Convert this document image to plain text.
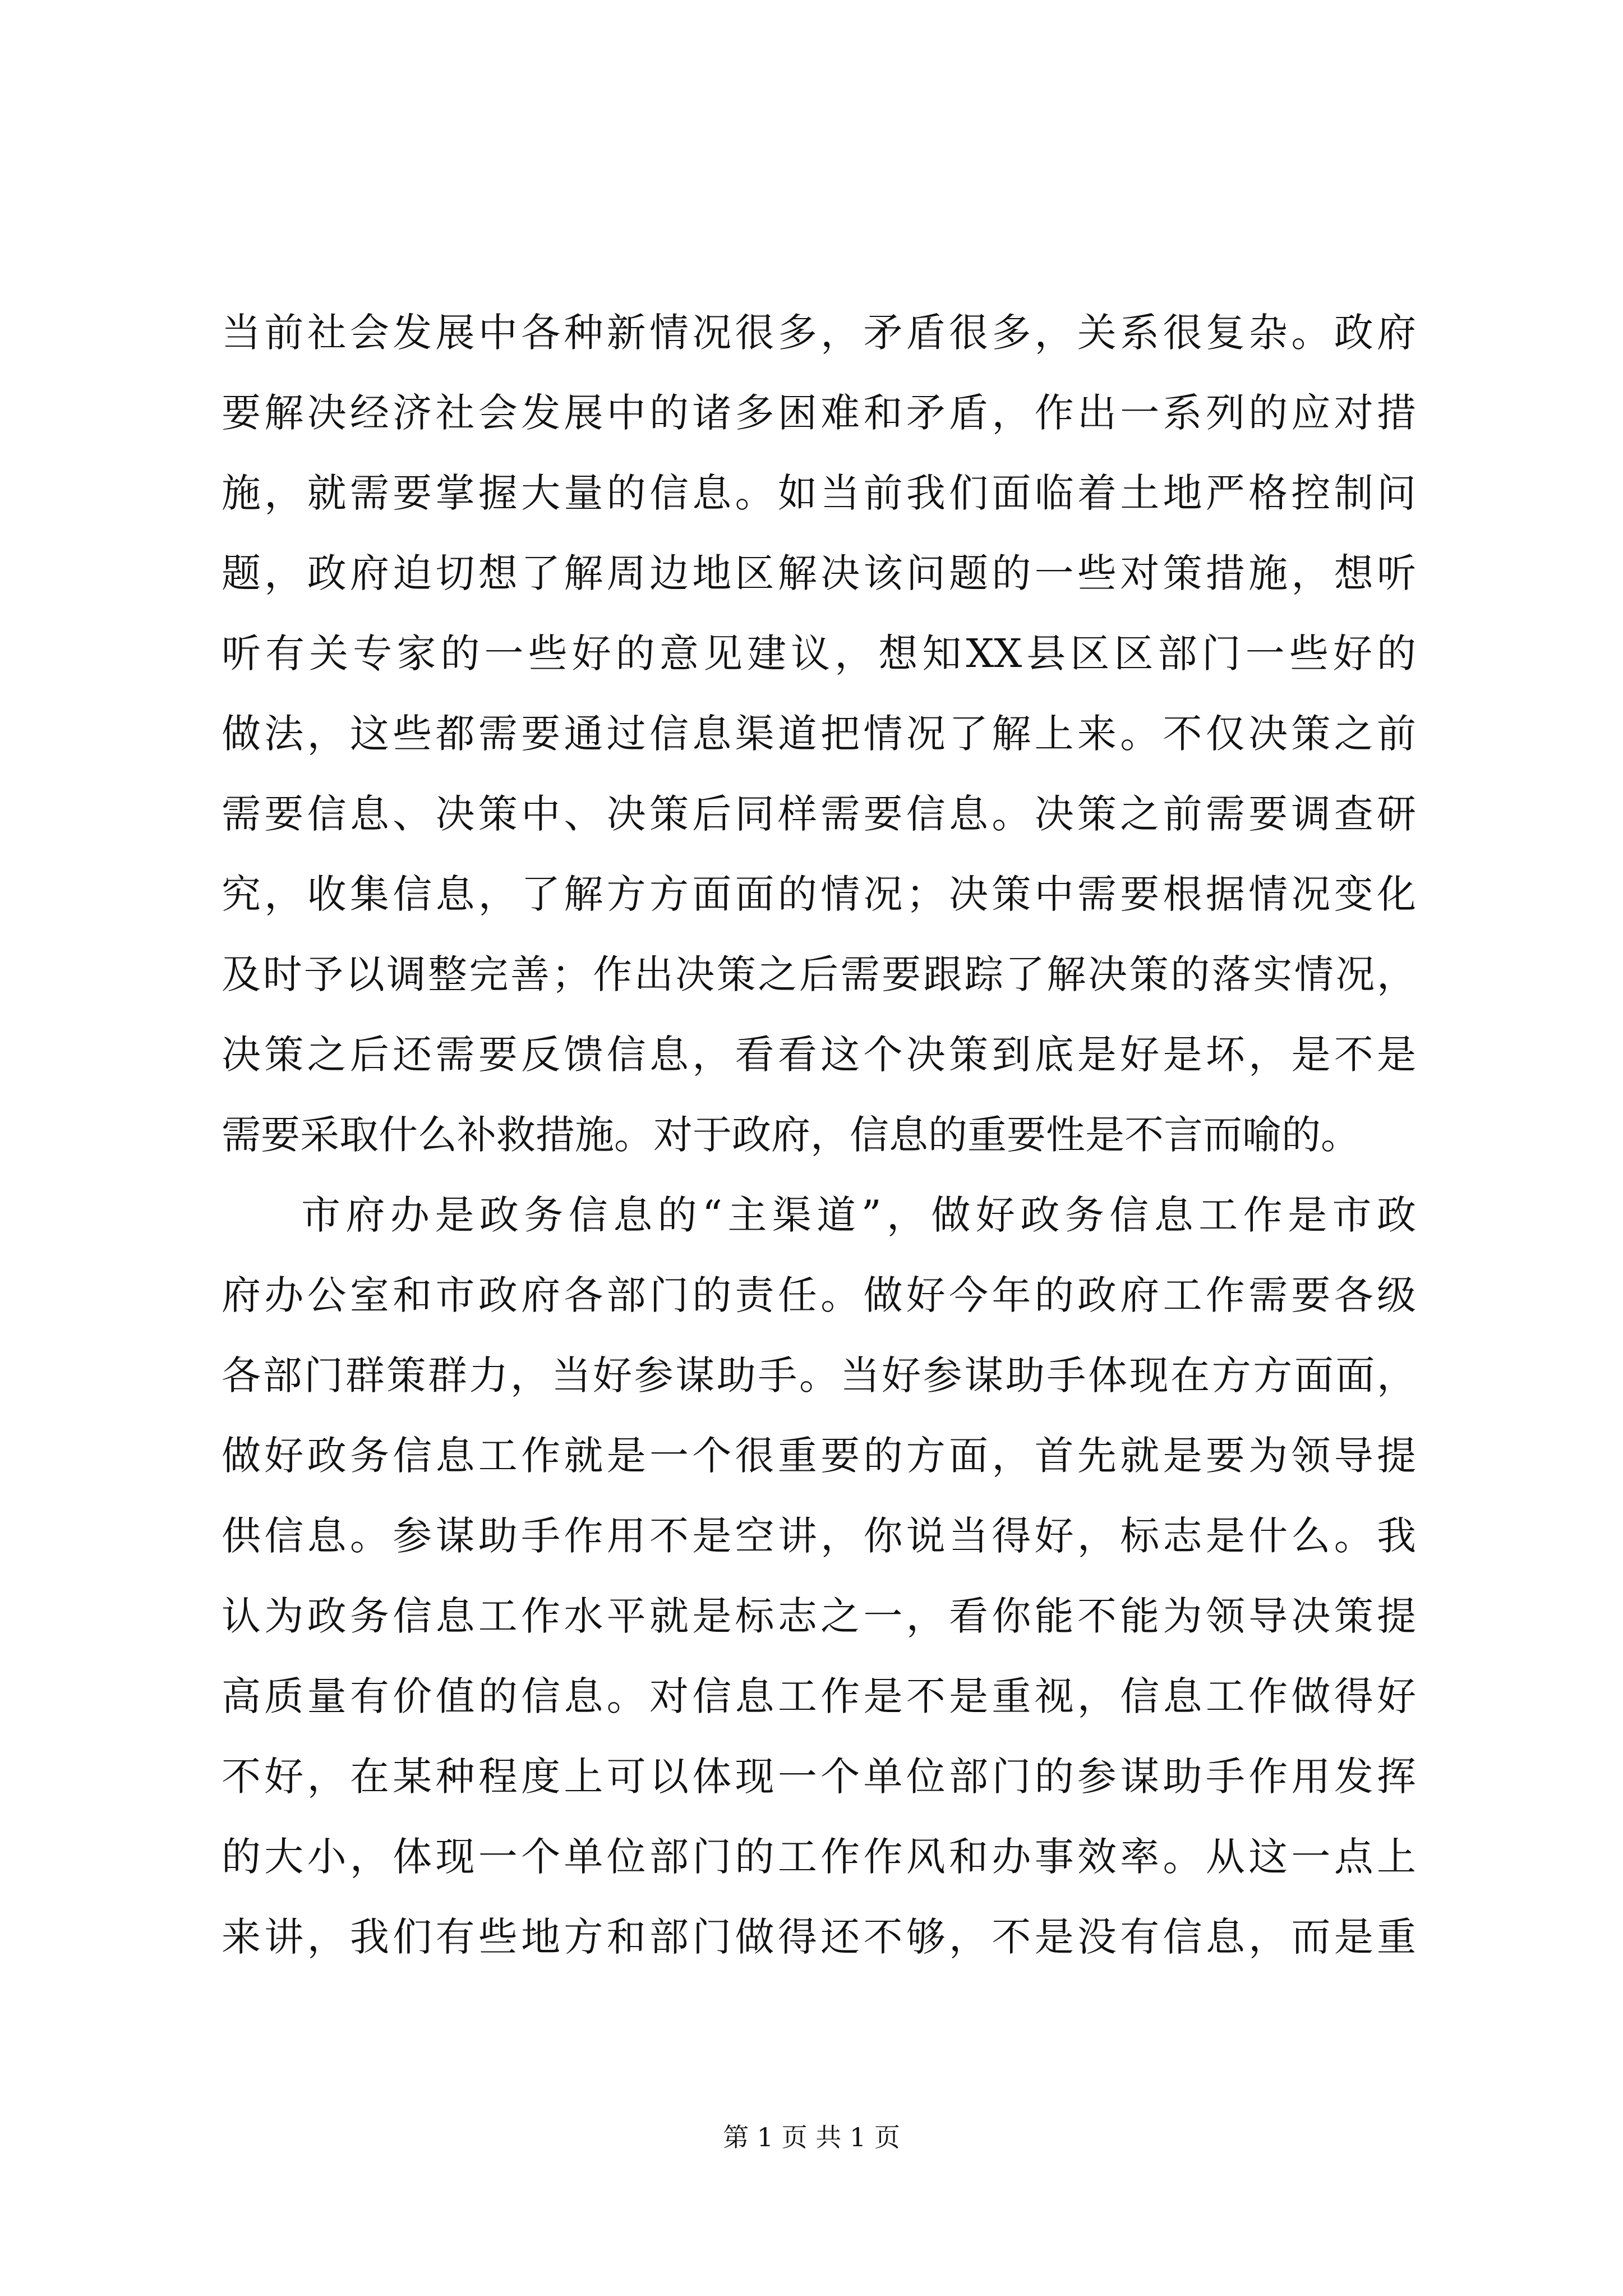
当前社会发展中各种新情况很多，矛盾很多，关系很复杂。政府
要解决经济社会发展中的诸多困难和矛盾，作出一系列的应对措
施，就需要掌握大量的信息。如当前我们面临着土地严格控制问
题，政府迫切想了解周边地区解决该问题的一些对策措施，想听
听有关专家的一些好的意见建议，想知XX县区区部门一些好的
做法，这些都需要通过信息渠道把情况了解上来。不仅决策之前
需要信息、决策中、决策后同样需要信息。决策之前需要调查研
究，收集信息，了解方方面面的情况；决策中需要根据情况变化
及时予以调整完善；作出决策之后需要跟踪了解决策的落实情况，
决策之后还需要反馈信息，看看这个决策到底是好是坏，是不是
需要采取什么补救措施。对于政府，信息的重要性是不言而喻的。
市府办是政务信息的“主渠道”，做好政务信息工作是市政
府办公室和市政府各部门的责任。做好今年的政府工作需要各级
各部门群策群力，当好参谋助手。当好参谋助手体现在方方面面，
做好政务信息工作就是一个很重要的方面，首先就是要为领导提
供信息。参谋助手作用不是空讲，你说当得好，标志是什么。我
认为政务信息工作水平就是标志之一，看你能不能为领导决策提
高质量有价值的信息。对信息工作是不是重视，信息工作做得好
不好，在某种程度上可以体现一个单位部门的参谋助手作用发挥
的大小，体现一个单位部门的工作作风和办事效率。从这一点上
来讲，我们有些地方和部门做得还不够，不是没有信息，而是重
第 1 页 共 1 页
